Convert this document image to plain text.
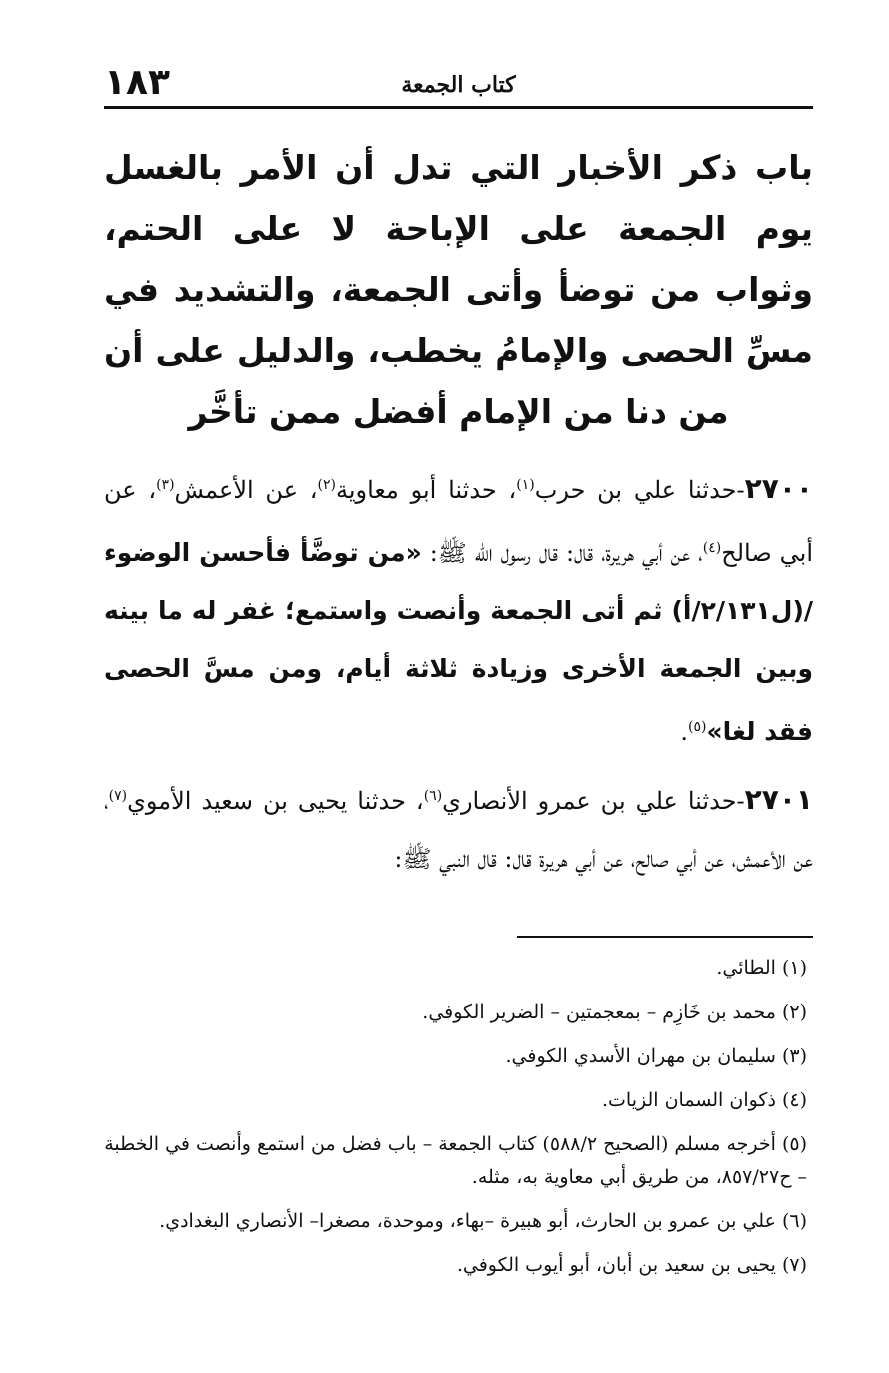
كتاب الجمعة
١٨٣
باب ذكر الأخبار التي تدل أن الأمر بالغسل يوم الجمعة على الإباحة لا على الحتم، وثواب من توضأ وأتى الجمعة، والتشديد في مسِّ الحصى والإمامُ يخطب، والدليل على أن من دنا من الإمام أفضل ممن تأخَّر

٢٧٠٠-حدثنا علي بن حرب$^{(١)}$، حدثنا أبو معاوية$^{(٢)}$، عن الأعمش$^{(٣)}$، عن أبي صالح$^{(٤)}$، عن أبي هريرة، قال: قال رسول الله ﷺ: «من توضَّأ فأحسن الوضوء /(ل٢/١٣١/أ) ثم أتى الجمعة وأنصت واستمع؛ غفر له ما بينه وبين الجمعة الأخرى وزيادة ثلاثة أيام، ومن مسَّ الحصى فقد لغا»$^{(٥)}$.

٢٧٠١-حدثنا علي بن عمرو الأنصاري$^{(٦)}$، حدثنا يحيى بن سعيد الأموي$^{(٧)}$، عن الأعمش، عن أبي صالح، عن أبي هريرة قال: قال النبي ﷺ:

(١)الطائي.

(٢)محمد بن خَازِم – بمعجمتين – الضرير الكوفي.

(٣)سليمان بن مهران الأسدي الكوفي.

(٤)ذكوان السمان الزيات.

(٥)أخرجه مسلم (الصحيح ٥٨٨/٢) كتاب الجمعة – باب فضل من استمع وأنصت في الخطبة – ح٨٥٧/٢٧، من طريق أبي معاوية به، مثله.

(٦)علي بن عمرو بن الحارث، أبو هبيرة –بهاء، وموحدة، مصغرا– الأنصاري البغدادي.

(٧)يحيى بن سعيد بن أبان، أبو أيوب الكوفي.
